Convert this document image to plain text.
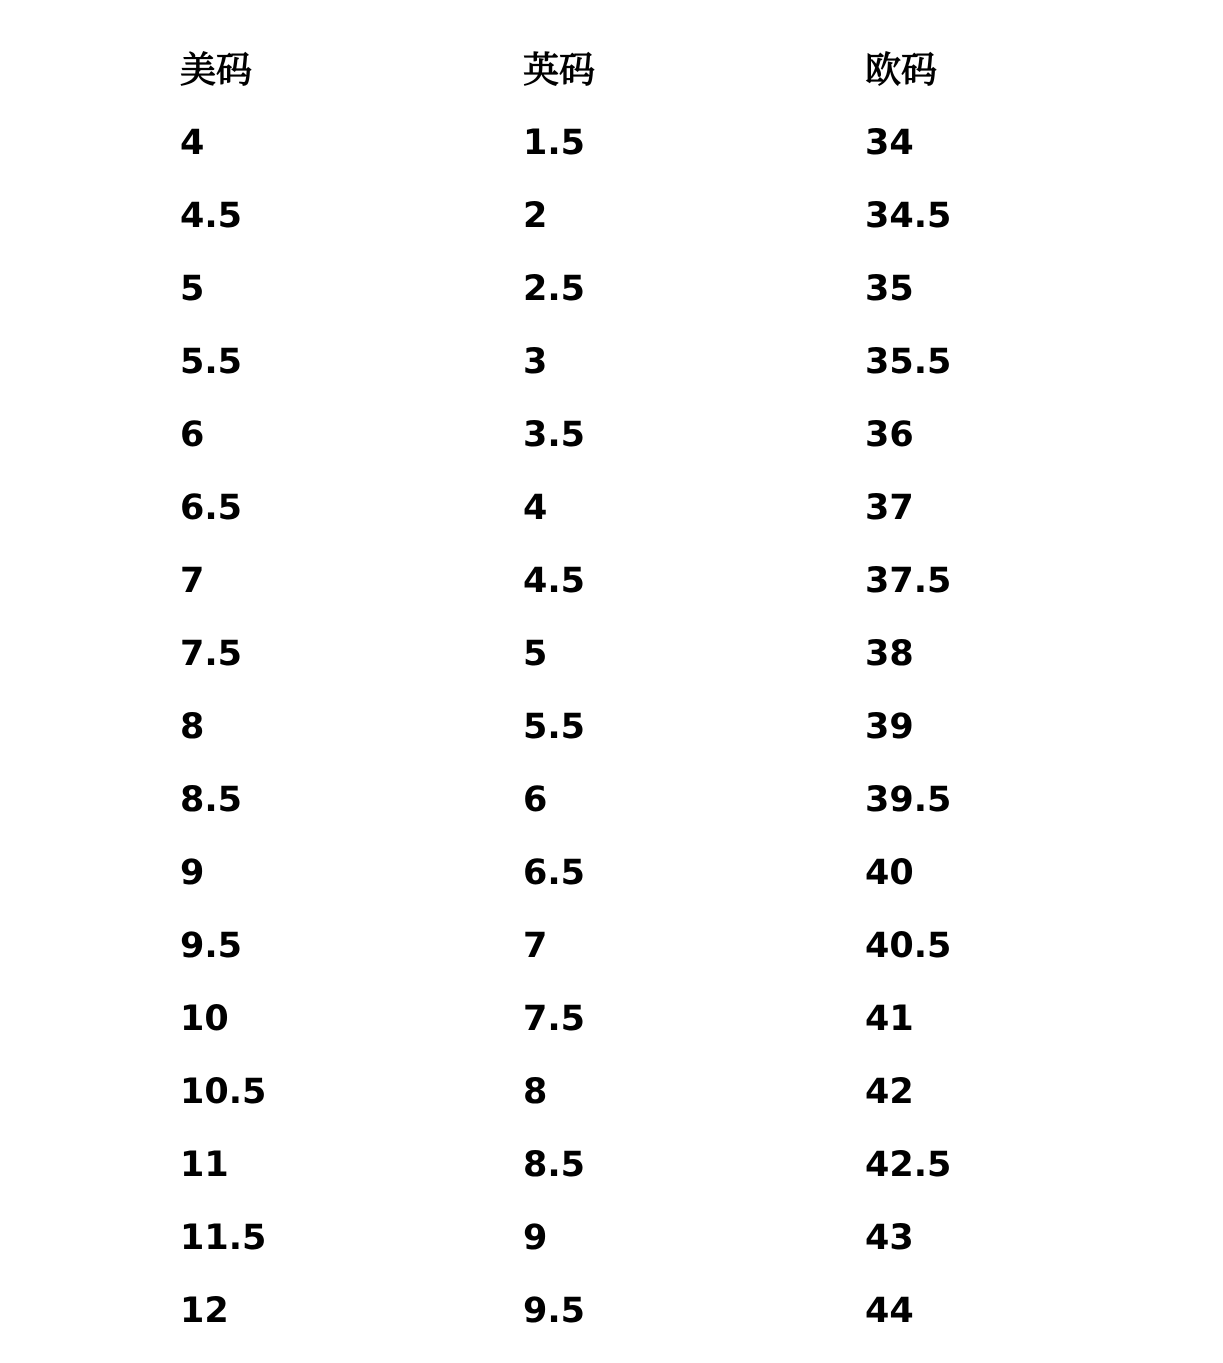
美码	英码	欧码
4	1.5	34
4.5	2	34.5
5	2.5	35
5.5	3	35.5
6	3.5	36
6.5	4	37
7	4.5	37.5
7.5	5	38
8	5.5	39
8.5	6	39.5
9	6.5	40
9.5	7	40.5
10	7.5	41
10.5	8	42
11	8.5	42.5
11.5	9	43
12	9.5	44
